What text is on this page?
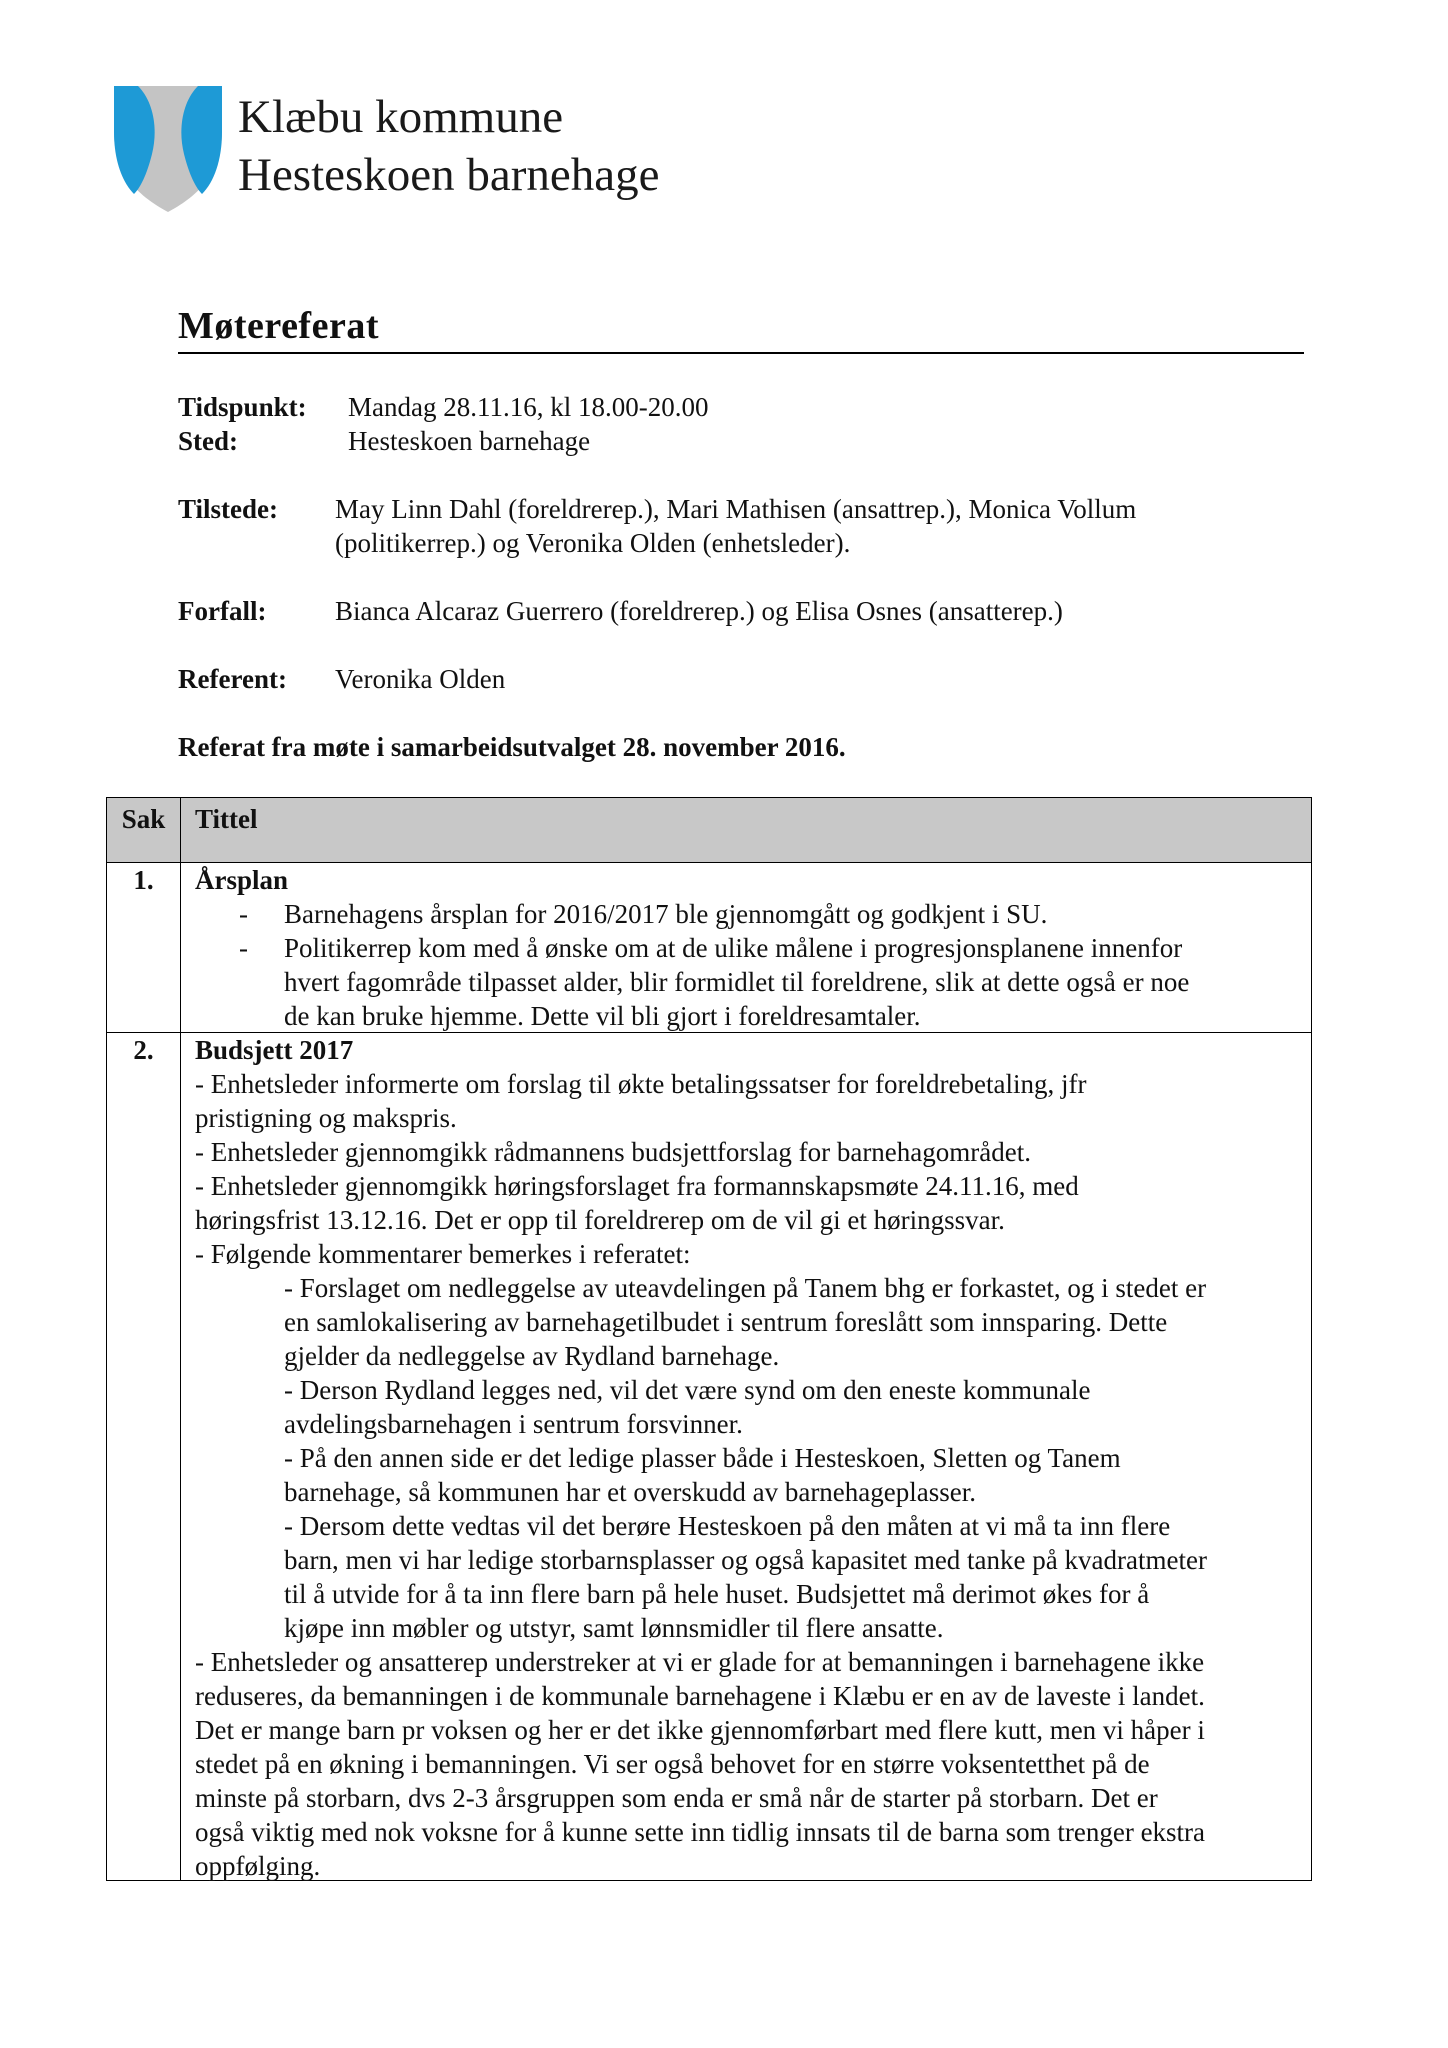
Klæbu kommune
Hesteskoen barnehage
Møtereferat
Tidspunkt: Mandag 28.11.16, kl 18.00-20.00
Sted:	Hesteskoen barnehage
Tilstede: May Linn Dahl (foreldrerep.), Mari Mathisen (ansattrep.), Monica Vollum
(politikerrep.) og Veronika Olden (enhetsleder).
Forfall:	Bianca Alcaraz Guerrero (foreldrerep.) og Elisa Osnes (ansatterep.)
Referent: Veronika Olden
Referat fra møte i samarbeidsutvalget 28. november 2016.
Sak	Tittel
1.	Årsplan
- Barnehagens årsplan for 2016/2017 ble gjennomgått og godkjent i SU.
- Politikerrep kom med å ønske om at de ulike målene i progresjonsplanene innenfor
hvert fagområde tilpasset alder, blir formidlet til foreldrene, slik at dette også er noe
de kan bruke hjemme. Dette vil bli gjort i foreldresamtaler.
2.	Budsjett 2017
- Enhetsleder informerte om forslag til økte betalingssatser for foreldrebetaling, jfr
pristigning og makspris.
- Enhetsleder gjennomgikk rådmannens budsjettforslag for barnehagområdet.
- Enhetsleder gjennomgikk høringsforslaget fra formannskapsmøte 24.11.16, med
høringsfrist 13.12.16. Det er opp til foreldrerep om de vil gi et høringssvar.
- Følgende kommentarer bemerkes i referatet:
- Forslaget om nedleggelse av uteavdelingen på Tanem bhg er forkastet, og i stedet er
en samlokalisering av barnehagetilbudet i sentrum foreslått som innsparing. Dette
gjelder da nedleggelse av Rydland barnehage.
- Derson Rydland legges ned, vil det være synd om den eneste kommunale
avdelingsbarnehagen i sentrum forsvinner.
- På den annen side er det ledige plasser både i Hesteskoen, Sletten og Tanem
barnehage, så kommunen har et overskudd av barnehageplasser.
- Dersom dette vedtas vil det berøre Hesteskoen på den måten at vi må ta inn flere
barn, men vi har ledige storbarnsplasser og også kapasitet med tanke på kvadratmeter
til å utvide for å ta inn flere barn på hele huset. Budsjettet må derimot økes for å
kjøpe inn møbler og utstyr, samt lønnsmidler til flere ansatte.
- Enhetsleder og ansatterep understreker at vi er glade for at bemanningen i barnehagene ikke
reduseres, da bemanningen i de kommunale barnehagene i Klæbu er en av de laveste i landet.
Det er mange barn pr voksen og her er det ikke gjennomførbart med flere kutt, men vi håper i
stedet på en økning i bemanningen. Vi ser også behovet for en større voksentetthet på de
minste på storbarn, dvs 2-3 årsgruppen som enda er små når de starter på storbarn. Det er
også viktig med nok voksne for å kunne sette inn tidlig innsats til de barna som trenger ekstra
oppfølging.
